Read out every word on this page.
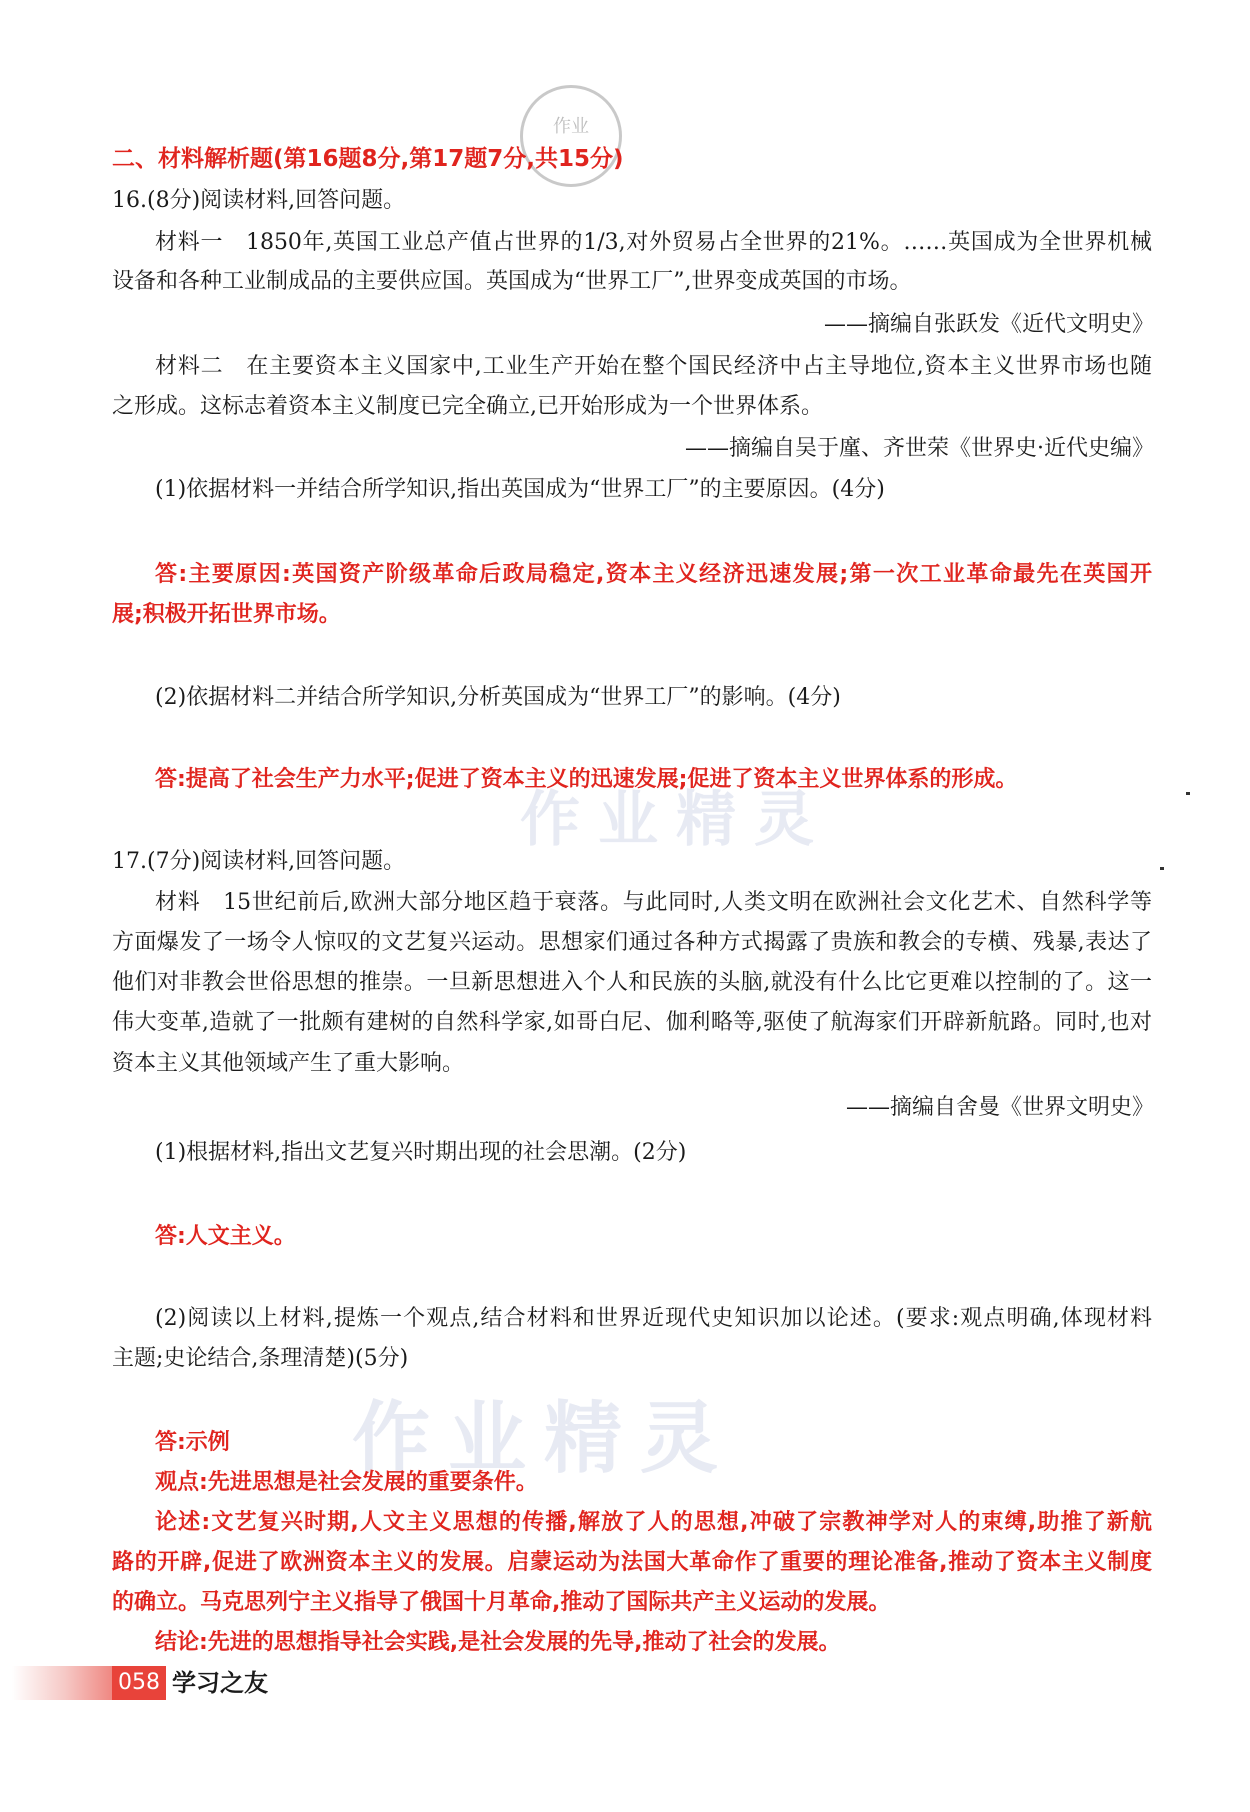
作业
作业精灵
作业精灵
二、材料解析题(第16题8分,第17题7分,共15分)
16.(8分)阅读材料,回答问题。
材料一　1850年,英国工业总产值占世界的1/3,对外贸易占全世界的21%。……英国成为全世界机械
设备和各种工业制成品的主要供应国。英国成为“世界工厂”,世界变成英国的市场。
——摘编自张跃发《近代文明史》
材料二　在主要资本主义国家中,工业生产开始在整个国民经济中占主导地位,资本主义世界市场也随
之形成。这标志着资本主义制度已完全确立,已开始形成为一个世界体系。
——摘编自吴于廑、齐世荣《世界史·近代史编》
(1)依据材料一并结合所学知识,指出英国成为“世界工厂”的主要原因。(4分)
答:主要原因:英国资产阶级革命后政局稳定,资本主义经济迅速发展;第一次工业革命最先在英国开
展;积极开拓世界市场。
(2)依据材料二并结合所学知识,分析英国成为“世界工厂”的影响。(4分)
答:提高了社会生产力水平;促进了资本主义的迅速发展;促进了资本主义世界体系的形成。
17.(7分)阅读材料,回答问题。
材料　15世纪前后,欧洲大部分地区趋于衰落。与此同时,人类文明在欧洲社会文化艺术、自然科学等
方面爆发了一场令人惊叹的文艺复兴运动。思想家们通过各种方式揭露了贵族和教会的专横、残暴,表达了
他们对非教会世俗思想的推崇。一旦新思想进入个人和民族的头脑,就没有什么比它更难以控制的了。这一
伟大变革,造就了一批颇有建树的自然科学家,如哥白尼、伽利略等,驱使了航海家们开辟新航路。同时,也对
资本主义其他领域产生了重大影响。
——摘编自舍曼《世界文明史》
(1)根据材料,指出文艺复兴时期出现的社会思潮。(2分)
答:人文主义。
(2)阅读以上材料,提炼一个观点,结合材料和世界近现代史知识加以论述。(要求:观点明确,体现材料
主题;史论结合,条理清楚)(5分)
答:示例
观点:先进思想是社会发展的重要条件。
论述:文艺复兴时期,人文主义思想的传播,解放了人的思想,冲破了宗教神学对人的束缚,助推了新航
路的开辟,促进了欧洲资本主义的发展。启蒙运动为法国大革命作了重要的理论准备,推动了资本主义制度
的确立。马克思列宁主义指导了俄国十月革命,推动了国际共产主义运动的发展。
结论:先进的思想指导社会实践,是社会发展的先导,推动了社会的发展。
058 学习之友
